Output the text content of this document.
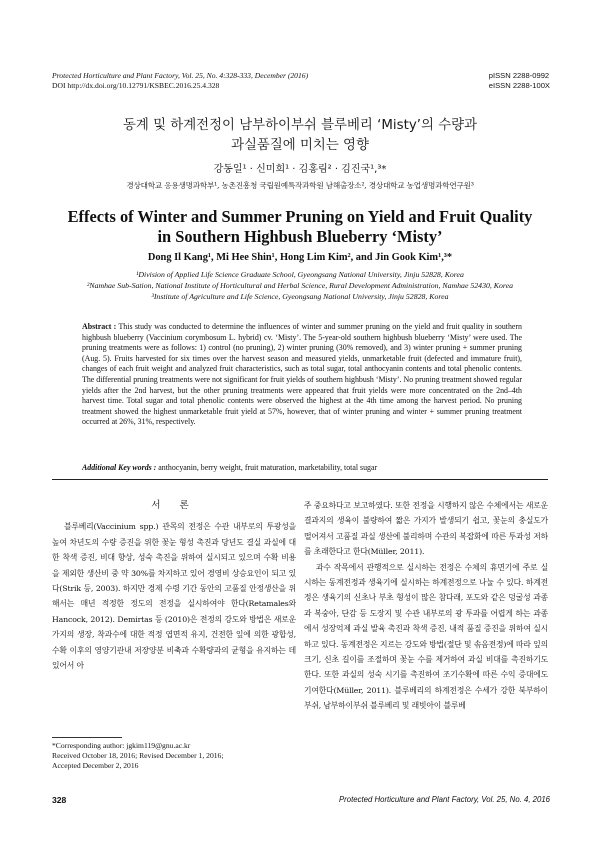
Protected Horticulture and Plant Factory, Vol. 25, No. 4:328-333, December (2016)
DOI http://dx.doi.org/10.12791/KSBEC.2016.25.4.328
pISSN 2288-0992
eISSN 2288-100X
동계 및 하계전정이 남부하이부쉬 블루베리 ‘Misty’의 수량과
과실품질에 미치는 영향
강동일¹ · 신미희¹ · 김홍림² · 김진국¹,³*
경상대학교 응용생명과학부¹, 농촌진흥청 국립원예특작과학원 남해출장소², 경상대학교 농업생명과학연구원³
Effects of Winter and Summer Pruning on Yield and Fruit Quality
in Southern Highbush Blueberry ‘Misty’
Dong Il Kang¹, Mi Hee Shin¹, Hong Lim Kim², and Jin Gook Kim¹,³*
¹Division of Applied Life Science Graduate School, Gyeongsang National University, Jinju 52828, Korea
²Namhae Sub-Sation, National Institute of Horticultural and Herbal Science, Rural Development Administration, Namhae 52430, Korea
³Institute of Agriculture and Life Science, Gyeongsang National University, Jinju 52828, Korea
Abstract : This study was conducted to determine the influences of winter and summer pruning on the yield and fruit quality in southern highbush blueberry (Vaccinium corymbosum L. hybrid) cv. ‘Misty’. The 5-year-old southern highbush blueberry ‘Misty’ were used. The pruning treatments were as follows: 1) control (no pruning), 2) winter pruning (30% removed), and 3) winter pruning + summer pruning (Aug. 5). Fruits harvested for six times over the harvest season and measured yields, unmarketable fruit (defected and immature fruit), changes of each fruit weight and analyzed fruit characteristics, such as total sugar, total anthocyanin contents and total phenolic contents. The differential pruning treatments were not significant for fruit yields of southern highbush ‘Misty’. No pruning treatment showed regular yields after the 2nd harvest, but the other pruning treatments were appeared that fruit yields were more concentrated on the 2nd–4th harvest time. Total sugar and total phenolic contents were observed the highest at the 4th time among the harvest period. No pruning treatment showed the highest unmarketable fruit yield at 57%, however, that of winter pruning and winter + summer pruning treatment occurred at 26%, 31%, respectively.
Additional Key words : anthocyanin, berry weight, fruit maturation, marketability, total sugar
서 론

블루베리(Vaccinium spp.) 관목의 전정은 수관 내부로의 투광성을 높여 차년도의 수량 증진을 위한 꽃눈 형성 촉진과 당년도 결실 과실에 대한 착색 증진, 비대 향상, 성숙 촉진을 위하여 실시되고 있으며 수확 비용을 제외한 생산비 중 약 30%를 차지하고 있어 경영비 상승요인이 되고 있다(Strik 등, 2003). 하지만 경제 수령 기간 동안의 고품질 안정생산을 위해서는 매년 적정한 정도의 전정을 실시하여야 한다(Retamales와 Hancock, 2012). Demirtas 등 (2010)은 전정의 강도와 방법은 새로운 가지의 생장, 착과수에 대한 적정 엽면적 유지, 건전한 잎에 의한 광합성, 수확 이후의 영양기관내 저장양분 비축과 수확량과의 균형을 유지하는 데 있어서 아

주 중요하다고 보고하였다. 또한 전정을 시행하지 않은 수체에서는 새로운 결과지의 생육이 불량하여 짧은 가지가 발생되기 쉽고, 꽃눈의 충실도가 떨어져서 고품질 과실 생산에 불리하며 수관의 복잡화에 따른 투과성 저하를 초래한다고 한다(Müller, 2011).

과수 작목에서 관행적으로 실시하는 전정은 수체의 휴면기에 주로 실시하는 동계전정과 생육기에 실시하는 하계전정으로 나눌 수 있다. 하계전정은 생육기의 신초나 부초 형성이 많은 참다래, 포도와 같은 덩굴성 과종과 복숭아, 단감 등 도장지 및 수관 내부로의 광 투과를 어렵게 하는 과종에서 성장억제 과실 발육 촉진과 착색 증진, 내적 품질 증진을 위하여 실시하고 있다. 동계전정은 지르는 강도와 방법(절단 및 솎음전정)에 따라 잎의 크기, 신초 길이를 조절하며 꽃눈 수를 제거하여 과실 비대를 촉진하기도 한다. 또한 과실의 성숙 시기를 촉진하여 조기수확에 따른 수익 증대에도 기여한다(Müller, 2011). 블루베리의 하계전정은 수세가 강한 북부하이부쉬, 남부하이부쉬 블루베리 및 래빗아이 블루베

*Corresponding author: jgkim119@gnu.ac.kr
Received October 18, 2016; Revised December 1, 2016;
Accepted December 2, 2016
328	Protected Horticulture and Plant Factory, Vol. 25, No. 4, 2016
